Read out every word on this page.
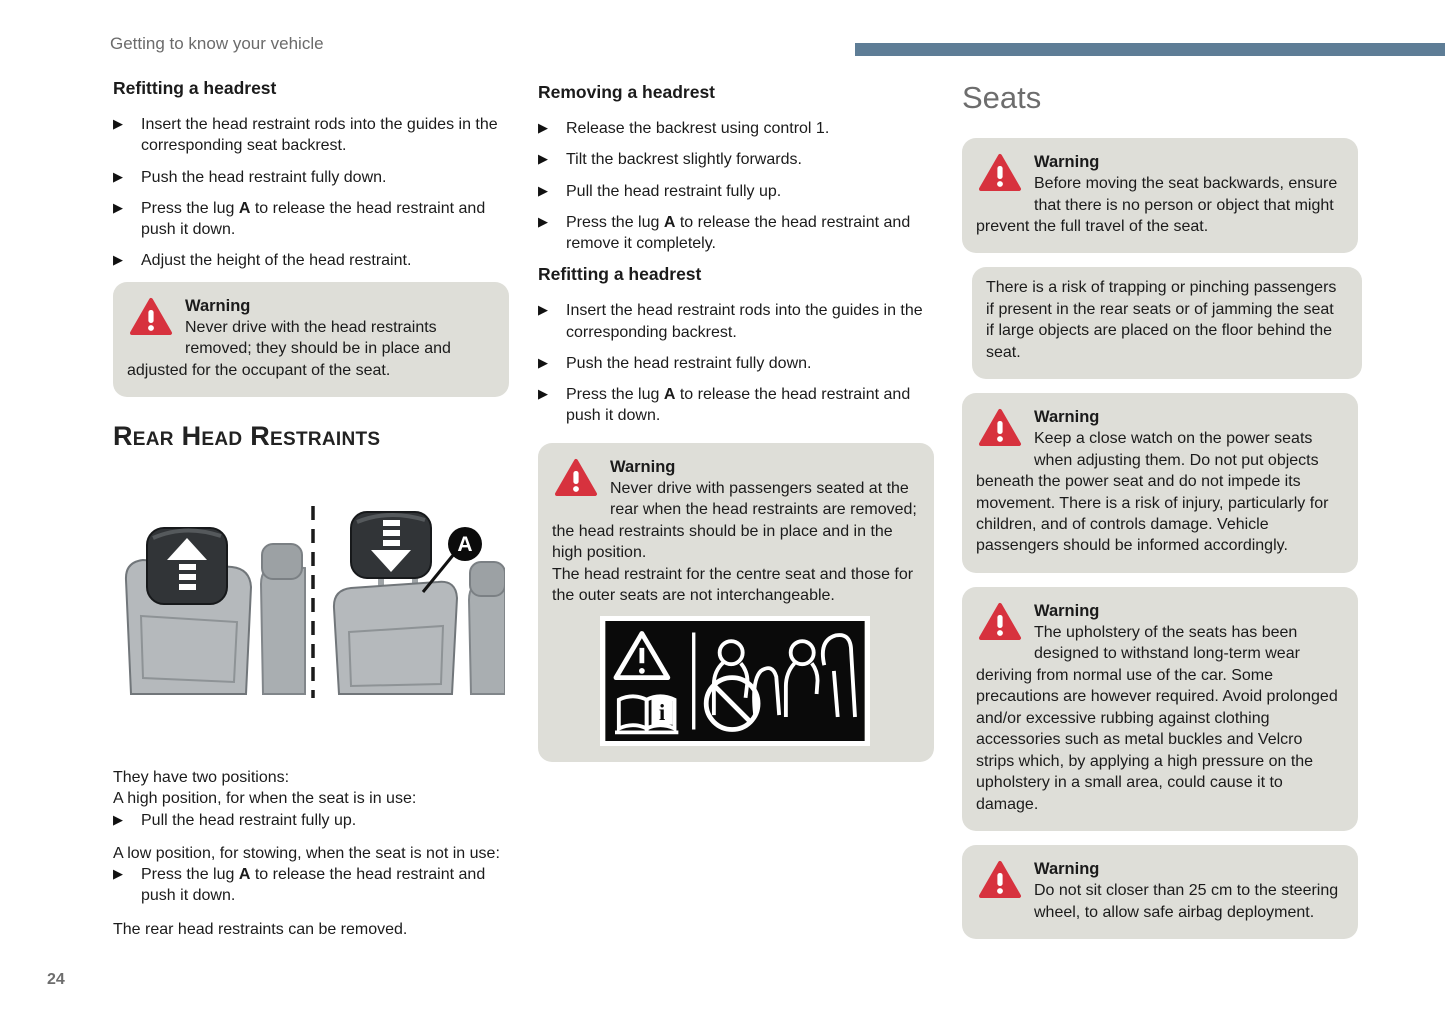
Getting to know your vehicle
24
Refitting a headrest
▶ Insert the head restraint rods into the guides in the corresponding seat backrest.
▶ Push the head restraint fully down.
▶ Press the lug A to release the head restraint and push it down.
▶ Adjust the height of the head restraint.
Warning
Never drive with the head restraints removed; they should be in place and adjusted for the occupant of the seat.
Rear Head Restraints
A

They have two positions:

A high position, for when the seat is in use:

▶ Pull the head restraint fully up.

A low position, for stowing, when the seat is not in use:

▶ Press the lug A to release the head restraint and push it down.

The rear head restraints can be removed.

Removing a headrest
▶ Release the backrest using control 1.
▶ Tilt the backrest slightly forwards.
▶ Pull the head restraint fully up.
▶ Press the lug A to release the head restraint and remove it completely.
Refitting a headrest
▶ Insert the head restraint rods into the guides in the corresponding backrest.
▶ Push the head restraint fully down.
▶ Press the lug A to release the head restraint and push it down.
Warning
Never drive with passengers seated at the rear when the head restraints are removed; the head restraints should be in place and in the high position.
The head restraint for the centre seat and those for the outer seats are not interchangeable.
i
Seats
Warning
Before moving the seat backwards, ensure that there is no person or object that might prevent the full travel of the seat.
There is a risk of trapping or pinching passengers if present in the rear seats or of jamming the seat if large objects are placed on the floor behind the seat.
Warning
Keep a close watch on the power seats when adjusting them. Do not put objects beneath the power seat and do not impede its movement. There is a risk of injury, particularly for children, and of controls damage. Vehicle passengers should be informed accordingly.
Warning
The upholstery of the seats has been designed to withstand long-term wear deriving from normal use of the car. Some precautions are however required. Avoid prolonged and/or excessive rubbing against clothing accessories such as metal buckles and Velcro strips which, by applying a high pressure on the upholstery in a small area, could cause it to damage.
Warning
Do not sit closer than 25 cm to the steering wheel, to allow safe airbag deployment.
